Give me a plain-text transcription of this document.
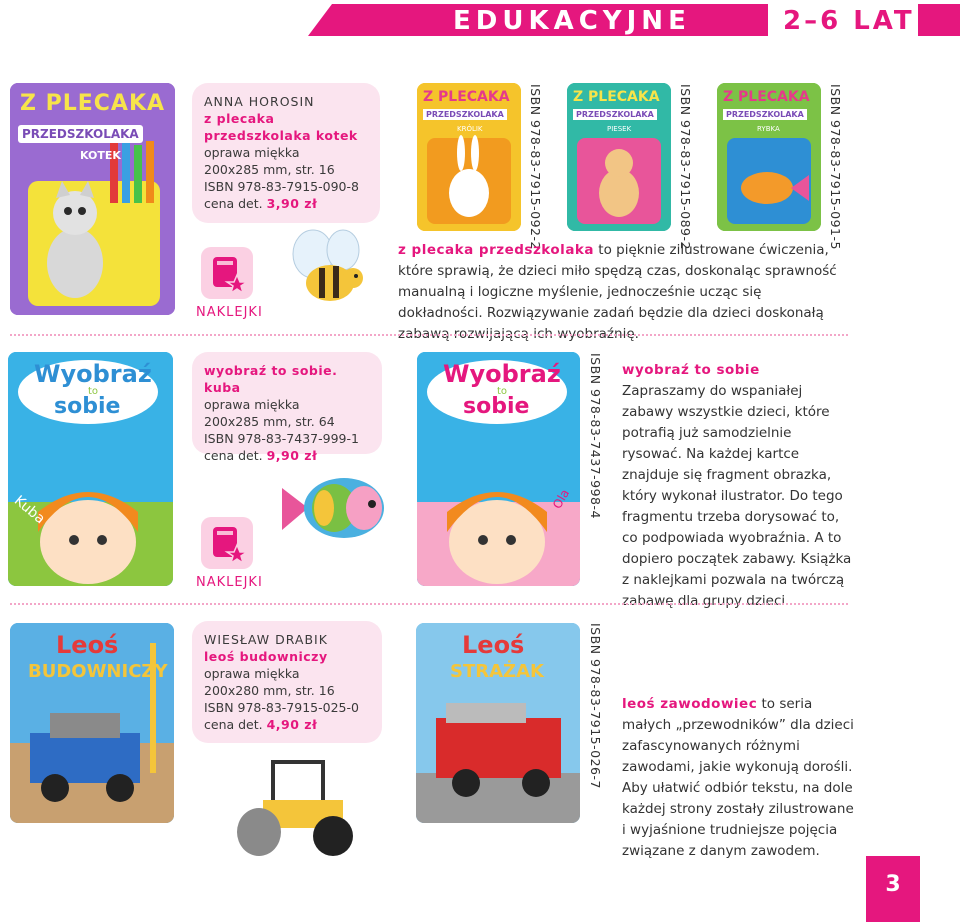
EDUKACYJNE	2–6 LAT
Z PLECAKA
PRZEDSZKOLAKA
KOTEK
ANNA HOROSIN
z plecaka przedszkolaka kotek
oprawa miękka
200x285 mm, str. 16
ISBN 978-83-7915-090-8
cena det. 3,90 zł
NAKLEJKI
Z PLECAKA
PRZEDSZKOLAKA
KRÓLIK	ISBN 978-83-7915-092-2 Z PLECAKA
PRZEDSZKOLAKA
PIESEK	ISBN 978-83-7915-089-2 Z PLECAKA
PRZEDSZKOLAKA
RYBKA	ISBN 978-83-7915-091-5
z plecaka przedszkolaka to pięknie zilustrowane ćwiczenia, które sprawią, że dzieci miło spędzą czas, doskonaląc sprawność manualną i logiczne myślenie, jednocześnie ucząc się dokładności. Rozwiązywanie zadań będzie dla dzieci doskonałą zabawą rozwijającą ich wyobraźnię.
Wyobraź
to
sobie
Kuba
wyobraź to sobie. kuba
oprawa miękka
200x285 mm, str. 64
ISBN 978-83-7437-999-1
cena det. 9,90 zł
NAKLEJKI
Wyobraź
to
sobie
Ola ISBN 978-83-7437-998-4 wyobraź to sobie
Zapraszamy do wspaniałej zabawy wszystkie dzieci, które potrafią już samodzielnie rysować. Na każdej kartce znajduje się fragment obrazka, który wykonał ilustrator. Do tego fragmentu trzeba dorysować to, co podpowiada wyobraźnia. A to dopiero początek zabawy. Książka z naklejkami pozwala na twórczą zabawę dla grupy dzieci.
Leoś
BUDOWNICZY
WIESŁAW DRABIK
leoś budowniczy
oprawa miękka
200x280 mm, str. 16
ISBN 978-83-7915-025-0
cena det. 4,90 zł
Leoś
STRAŻAK	ISBN 978-83-7915-026-7 leoś zawodowiec to seria małych „przewodników” dla dzieci zafascynowanych różnymi zawodami, jakie wykonują dorośli. Aby ułatwić odbiór tekstu, na dole każdej strony zostały zilustrowane i wyjaśnione trudniejsze pojęcia związane z danym zawodem.
3
